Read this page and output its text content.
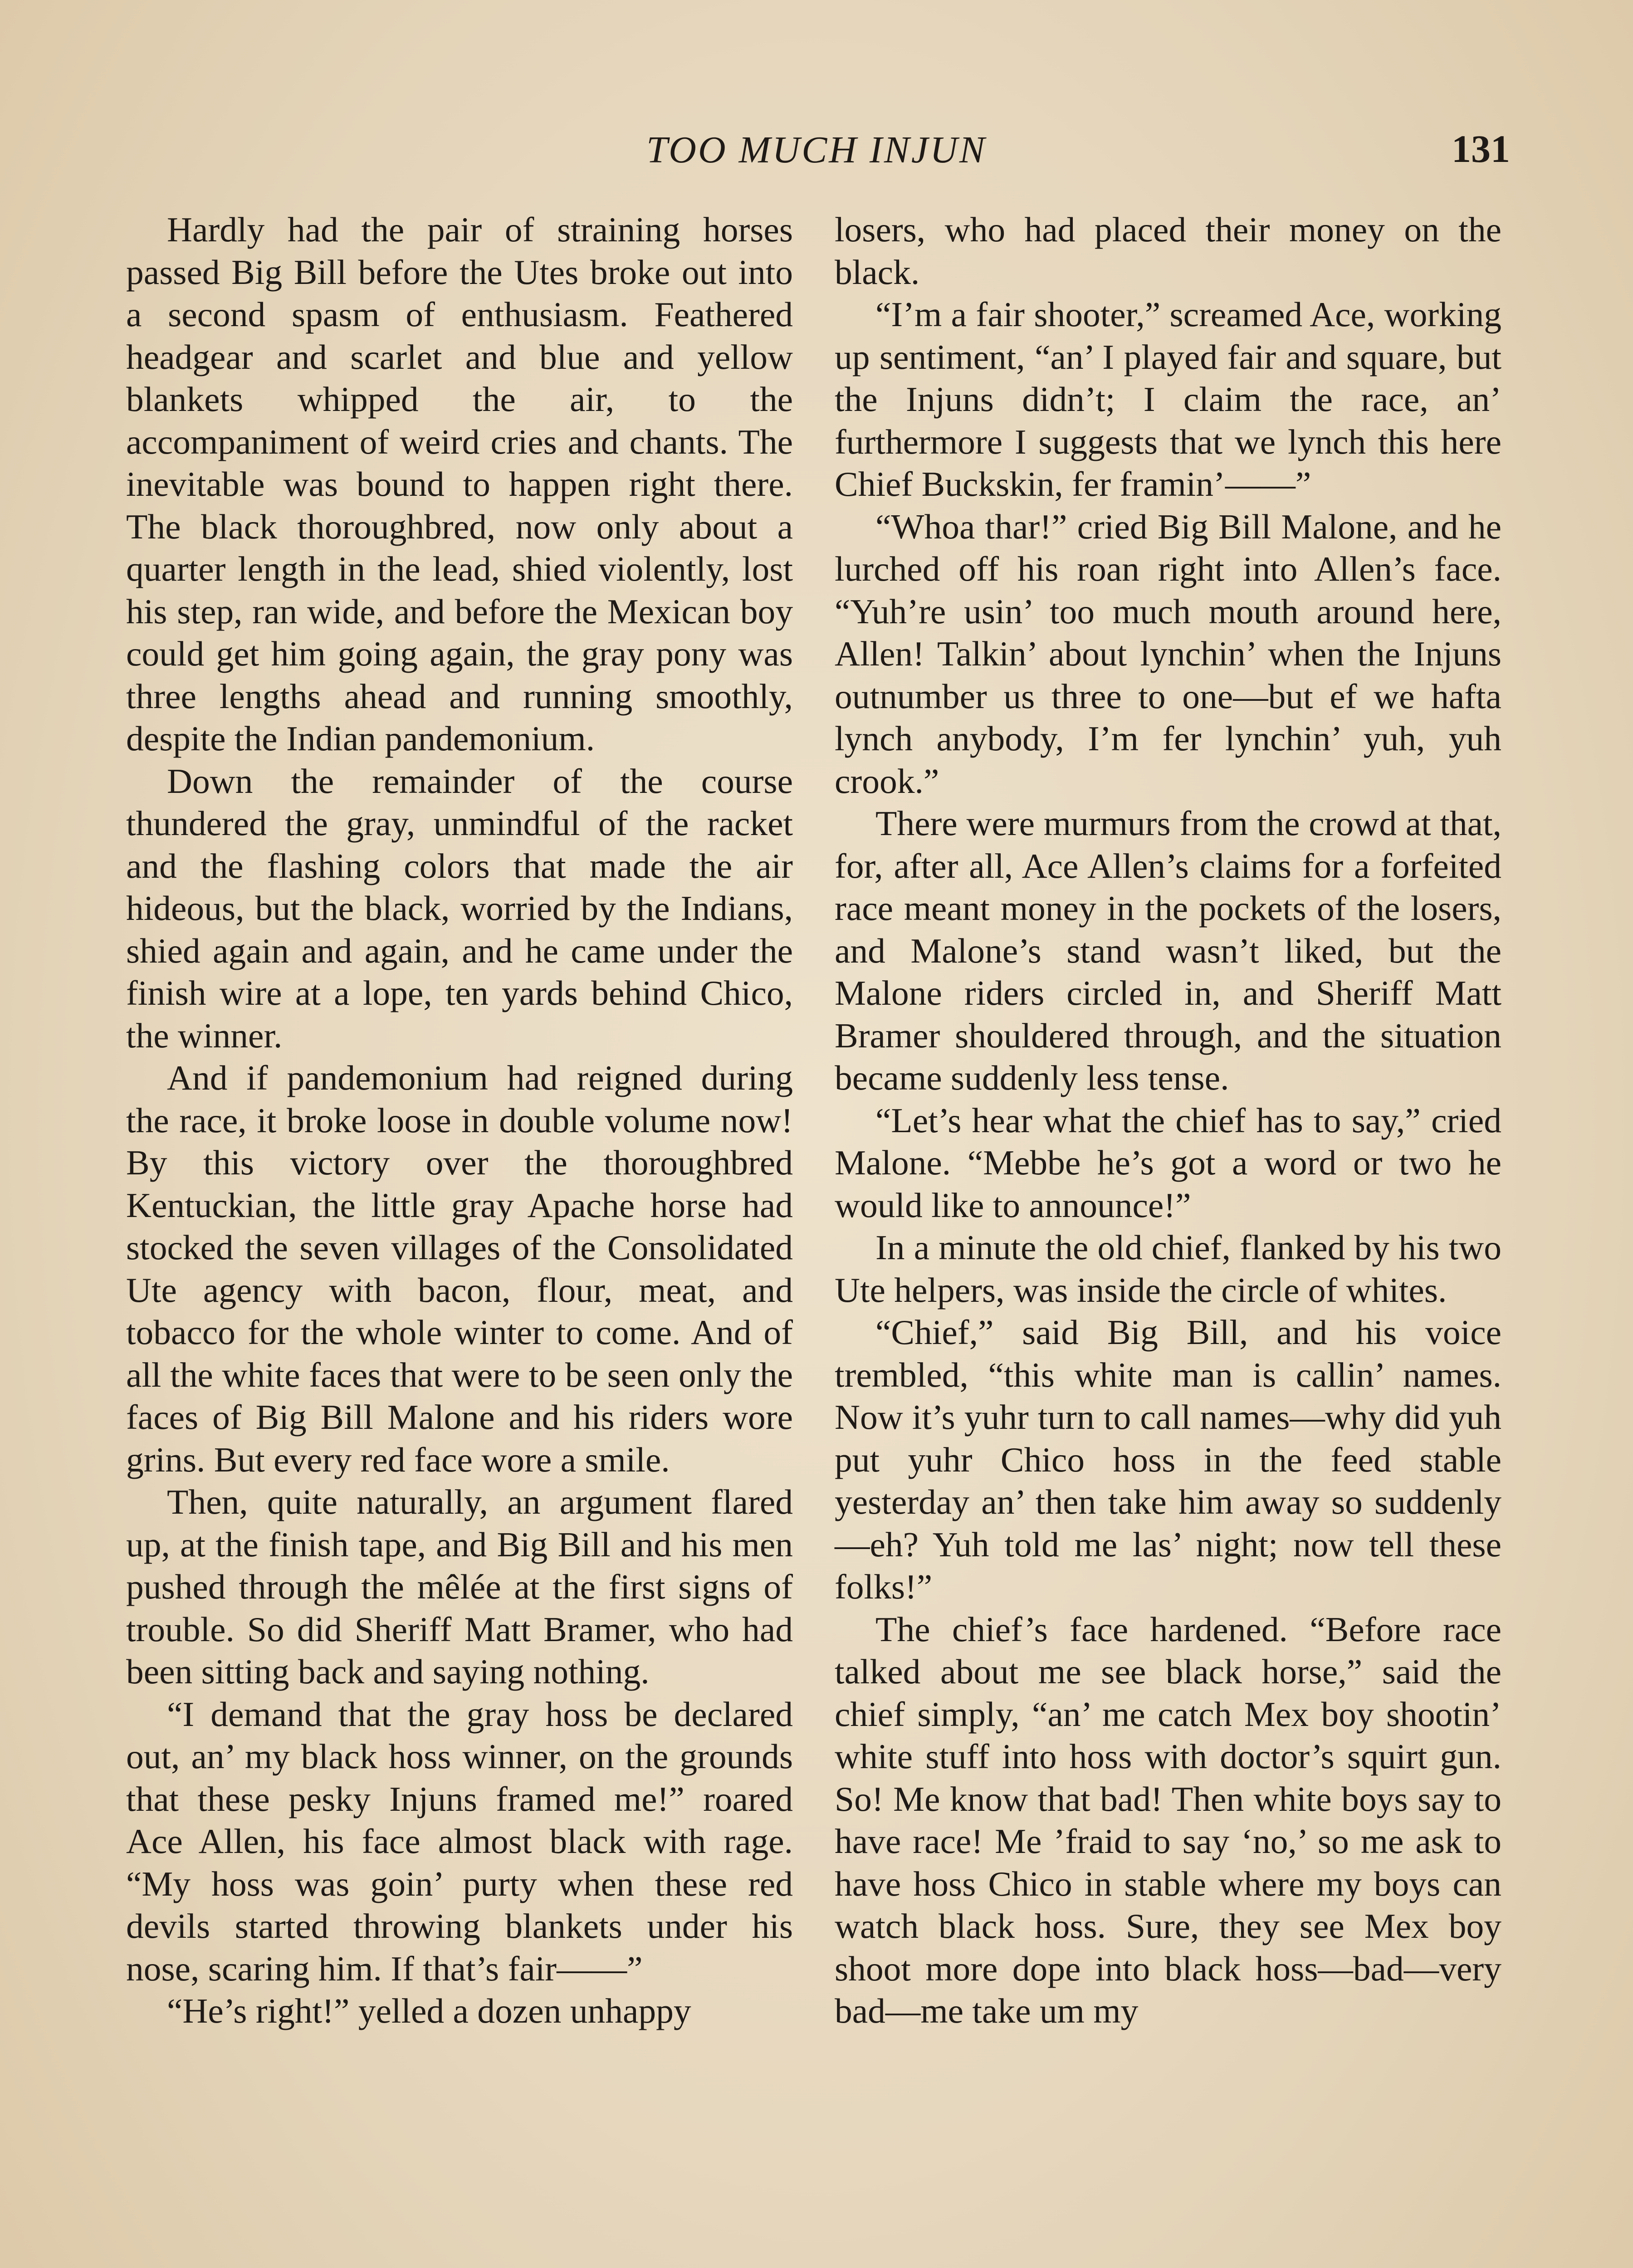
TOO MUCH INJUN	131

Hardly had the pair of straining horses passed Big Bill before the Utes broke out into a second spasm of enthusiasm. Feathered headgear and scarlet and blue and yellow blankets whipped the air, to the accompaniment of weird cries and chants. The inevitable was bound to happen right there. The black thoroughbred, now only about a quarter length in the lead, shied violently, lost his step, ran wide, and before the Mexican boy could get him going again, the gray pony was three lengths ahead and running smoothly, despite the Indian pandemonium.

Down the remainder of the course thundered the gray, unmindful of the racket and the flashing colors that made the air hideous, but the black, worried by the Indians, shied again and again, and he came under the finish wire at a lope, ten yards behind Chico, the winner.

And if pandemonium had reigned during the race, it broke loose in double volume now! By this victory over the thoroughbred Kentuckian, the little gray Apache horse had stocked the seven villages of the Consolidated Ute agency with bacon, flour, meat, and tobacco for the whole winter to come. And of all the white faces that were to be seen only the faces of Big Bill Malone and his riders wore grins. But every red face wore a smile.

Then, quite naturally, an argument flared up, at the finish tape, and Big Bill and his men pushed through the mêlée at the first signs of trouble. So did Sheriff Matt Bramer, who had been sitting back and saying nothing.

“I demand that the gray hoss be declared out, an’ my black hoss winner, on the grounds that these pesky Injuns framed me!” roared Ace Allen, his face almost black with rage. “My hoss was goin’ purty when these red devils started throwing blankets under his nose, scaring him. If that’s fair——”

“He’s right!” yelled a dozen unhappy

losers, who had placed their money on the black.

“I’m a fair shooter,” screamed Ace, working up sentiment, “an’ I played fair and square, but the Injuns didn’t; I claim the race, an’ furthermore I suggests that we lynch this here Chief Buckskin, fer framin’——”

“Whoa thar!” cried Big Bill Malone, and he lurched off his roan right into Allen’s face. “Yuh’re usin’ too much mouth around here, Allen! Talkin’ about lynchin’ when the Injuns outnumber us three to one—but ef we hafta lynch anybody, I’m fer lynchin’ yuh, yuh crook.”

There were murmurs from the crowd at that, for, after all, Ace Allen’s claims for a forfeited race meant money in the pockets of the losers, and Malone’s stand wasn’t liked, but the Malone riders circled in, and Sheriff Matt Bramer shouldered through, and the situation became suddenly less tense.

“Let’s hear what the chief has to say,” cried Malone. “Mebbe he’s got a word or two he would like to announce!”

In a minute the old chief, flanked by his two Ute helpers, was inside the circle of whites.

“Chief,” said Big Bill, and his voice trembled, “this white man is callin’ names. Now it’s yuhr turn to call names—why did yuh put yuhr Chico hoss in the feed stable yesterday an’ then take him away so suddenly—eh? Yuh told me las’ night; now tell these folks!”

The chief’s face hardened. “Before race talked about me see black horse,” said the chief simply, “an’ me catch Mex boy shootin’ white stuff into hoss with doctor’s squirt gun. So! Me know that bad! Then white boys say to have race! Me ’fraid to say ‘no,’ so me ask to have hoss Chico in stable where my boys can watch black hoss. Sure, they see Mex boy shoot more dope into black hoss—bad—very bad—me take um my
